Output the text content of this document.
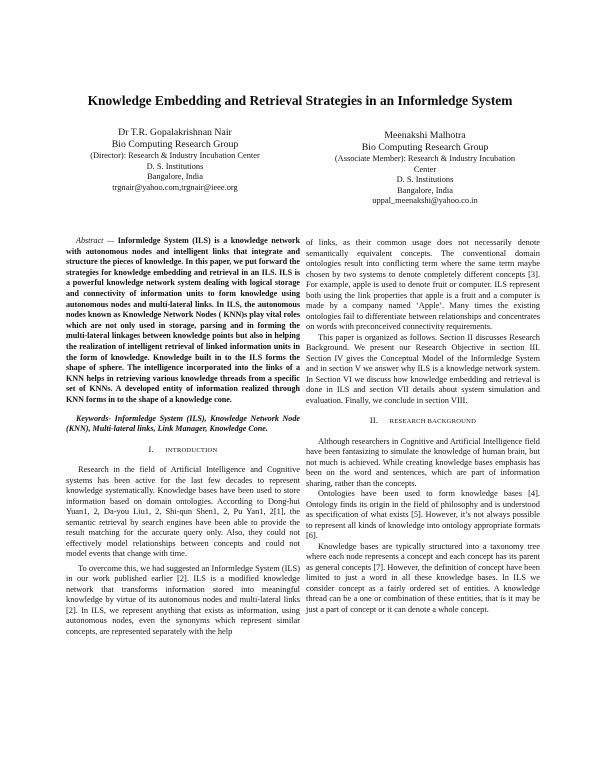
Knowledge Embedding and Retrieval Strategies in an Informledge System
Dr T.R. Gopalakrishnan Nair
Bio Computing Research Group
(Director): Research & Industry Incubation Center
D. S. Institutions
Bangalore, India
trgnair@yahoo.com,trgnair@ieee.org
Meenakshi Malhotra
Bio Computing Research Group
(Associate Member): Research & Industry Incubation
Center
D. S. Institutions
Bangalore, India
uppal_meenakshi@yahoo.co.in

Abstract — Informledge System (ILS) is a knowledge network with autonomous nodes and intelligent links that integrate and structure the pieces of knowledge. In this paper, we put forward the strategies for knowledge embedding and retrieval in an ILS. ILS is a powerful knowledge network system dealing with logical storage and connectivity of information units to form knowledge using autonomous nodes and multi-lateral links. In ILS, the autonomous nodes known as Knowledge Network Nodes ( KNN)s play vital roles which are not only used in storage, parsing and in forming the multi-lateral linkages between knowledge points but also in helping the realization of intelligent retrieval of linked information units in the form of knowledge. Knowledge built in to the ILS forms the shape of sphere. The intelligence incorporated into the links of a KNN helps in retrieving various knowledge threads from a specific set of KNNs. A developed entity of information realized through KNN forms in to the shape of a knowledge cone.

Keywords- Informledge System (ILS), Knowledge Network Node (KNN), Multi-lateral links, Link Manager, Knowledge Cone.

I. INTRODUCTION

Research in the field of Artificial Intelligence and Cognitive systems has been active for the last few decades to represent knowledge systematically. Knowledge bases have been used to store information based on domain ontologies. According to Dong-hui Yuan1, 2, Da-you Liu1, 2, Shi-qun Shen1, 2, Pu Yan1, 2[1], the semantic retrieval by search engines have been able to provide the result matching for the accurate query only. Also, they could not effectively model relationships between concepts and could not model events that change with time.

To overcome this, we had suggested an Informledge System (ILS) in our work published earlier [2]. ILS is a modified knowledge network that transforms information stored into meaningful knowledge by virtue of its autonomous nodes and multi-lateral links [2]. In ILS, we represent anything that exists as information, using autonomous nodes, even the synonyms which represent similar concepts, are represented separately with the help

of links, as their common usage does not necessarily denote semantically equivalent concepts. The conventional domain ontologies result into conflicting term where the same term maybe chosen by two systems to denote completely different concepts [3]. For example, apple is used to denote fruit or computer. ILS represent both using the link properties that apple is a fruit and a computer is made by a company named ‘Apple’. Many times the existing ontologies fail to differentiate between relationships and concentrates on words with preconceived connectivity requirements.

This paper is organized as follows. Section II discusses Research Background. We present our Research Objective in section III. Section IV gives the Conceptual Model of the Informledge System and in section V we answer why ILS is a knowledge network system. In Section VI we discuss how knowledge embedding and retrieval is done in ILS and section VII details about system simulation and evaluation. Finally, we conclude in section VIII.

II. RESEARCH BACKGROUND

Although researchers in Cognitive and Artificial Intelligence field have been fantasizing to simulate the knowledge of human brain, but not much is achieved. While creating knowledge bases emphasis has been on the word and sentences, which are part of information sharing, rather than the concepts.

Ontologies have been used to form knowledge bases [4]. Ontology finds its origin in the field of philosophy and is understood as specification of what exists [5]. However, it’s not always possible to represent all kinds of knowledge into ontology appropriate formats [6].

Knowledge bases are typically structured into a taxonomy tree where each node represents a concept and each concept has its parent as general concepts [7]. However, the definition of concept have been limited to just a word in all these knowledge bases. In ILS we consider concept as a fairly ordered set of entities. A knowledge thread can be a one or combination of these entities, that is it may be just a part of concept or it can denote a whole concept.
